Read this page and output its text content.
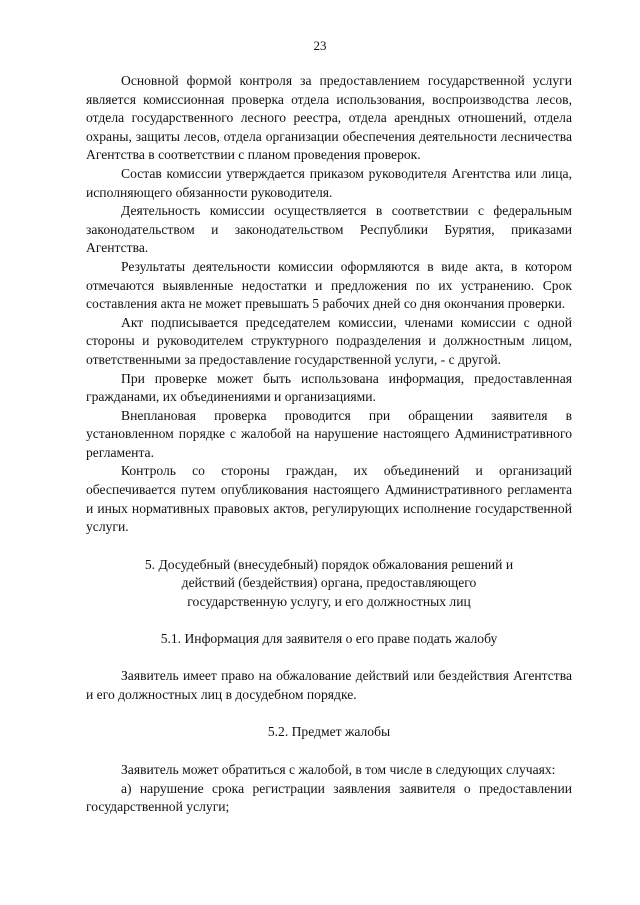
23

Основной формой контроля за предоставлением государственной услуги является комиссионная проверка отдела использования, воспроизводства лесов, отдела государственного лесного реестра, отдела арендных отношений, отдела охраны, защиты лесов, отдела организации обеспечения деятельности лесничества Агентства в соответствии с планом проведения проверок.

Состав комиссии утверждается приказом руководителя Агентства или лица, исполняющего обязанности руководителя.

Деятельность комиссии осуществляется в соответствии с федеральным законодательством и законодательством Республики Бурятия, приказами Агентства.

Результаты деятельности комиссии оформляются в виде акта, в котором отмечаются выявленные недостатки и предложения по их устранению. Срок составления акта не может превышать 5 рабочих дней со дня окончания проверки.

Акт подписывается председателем комиссии, членами комиссии с одной стороны и руководителем структурного подразделения и должностным лицом, ответственными за предоставление государственной услуги, - с другой.

При проверке может быть использована информация, предоставленная гражданами, их объединениями и организациями.

Внеплановая проверка проводится при обращении заявителя в установленном порядке с жалобой на нарушение настоящего Административного регламента.

Контроль со стороны граждан, их объединений и организаций обеспечивается путем опубликования настоящего Административного регламента и иных нормативных правовых актов, регулирующих исполнение государственной услуги.

5. Досудебный (внесудебный) порядок обжалования решений и
действий (бездействия) органа, предоставляющего
государственную услугу, и его должностных лиц
5.1. Информация для заявителя о его праве подать жалобу

Заявитель имеет право на обжалование действий или бездействия Агентства и его должностных лиц в досудебном порядке.

5.2. Предмет жалобы

Заявитель может обратиться с жалобой, в том числе в следующих случаях:

а) нарушение срока регистрации заявления заявителя о предоставлении государственной услуги;
